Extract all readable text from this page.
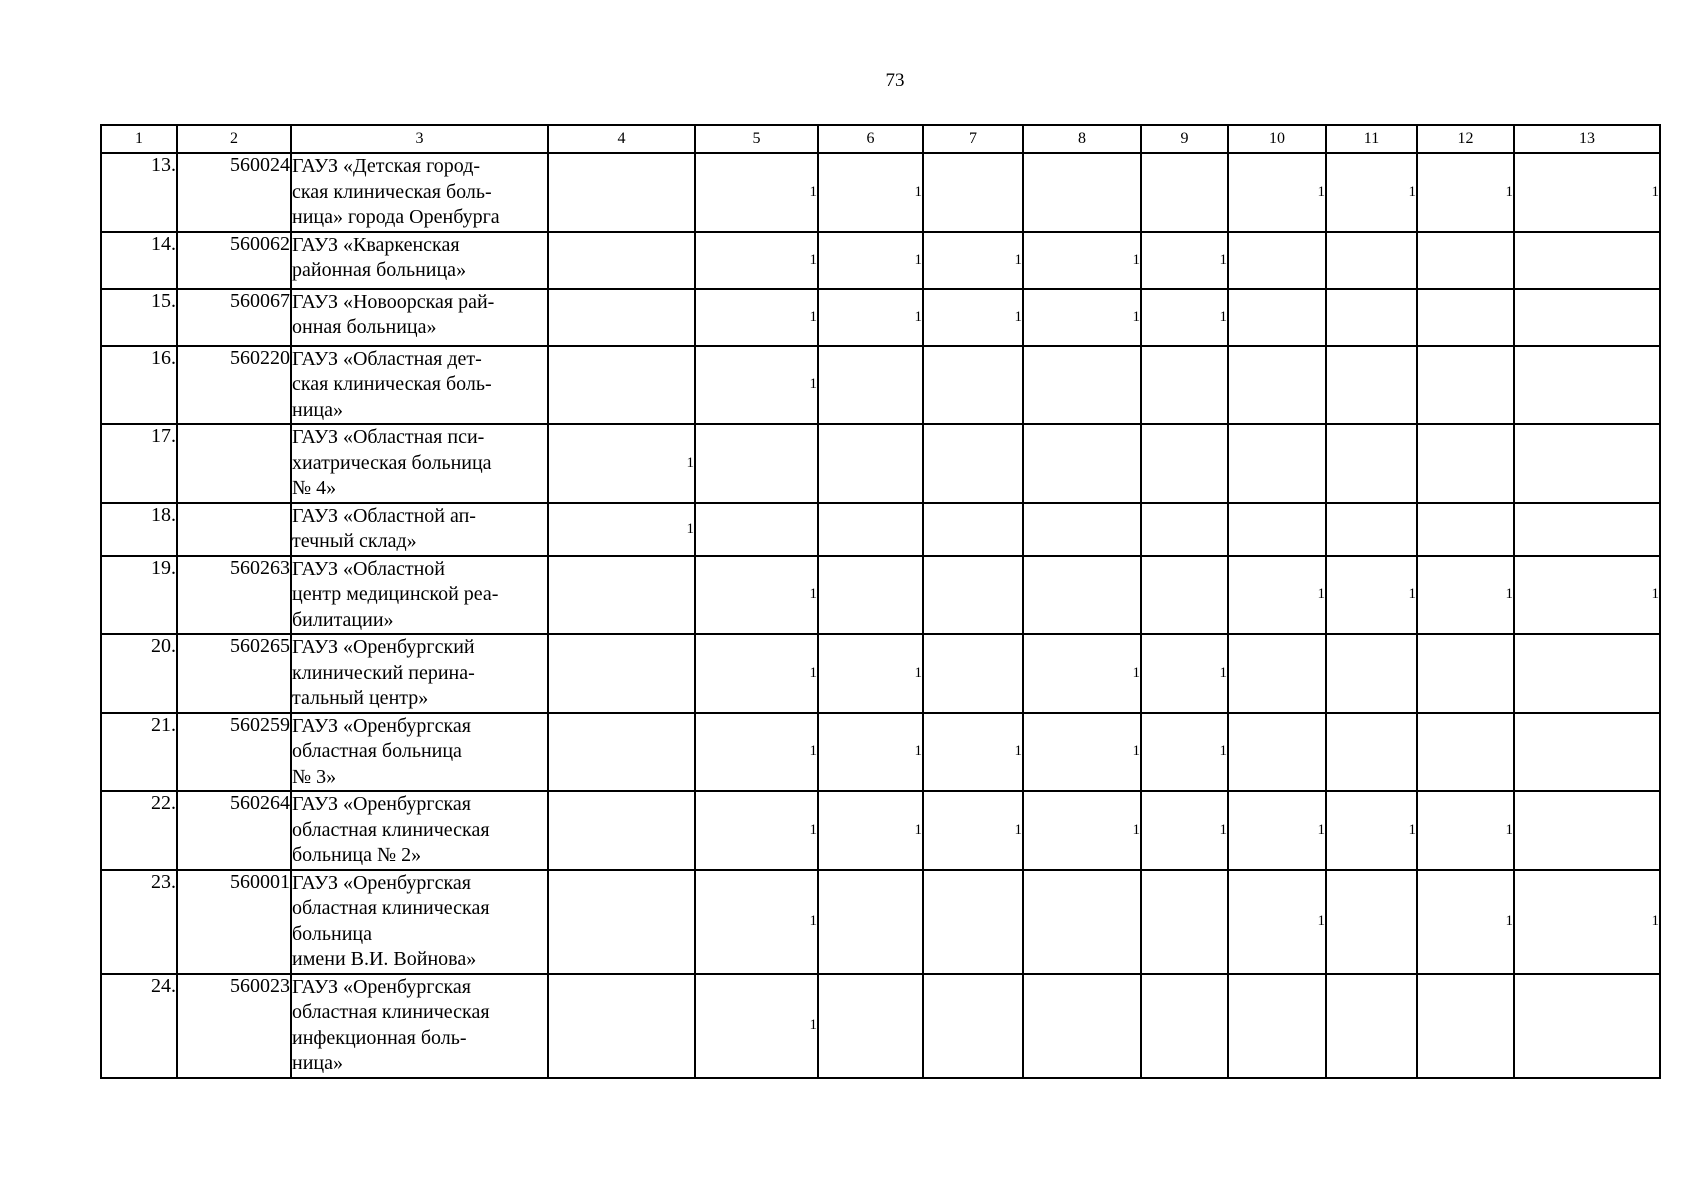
73
1	2	3	4	5	6	7	8	9	10	11	12	13
13.	560024	ГАУЗ «Детская город-
ская клиническая боль-
ница» города Оренбурга		1	1				1	1	1	1
14.	560062	ГАУЗ «Кваркенская
районная больница»		1	1	1	1	1				
15.	560067	ГАУЗ «Новоорская рай-
онная больница»		1	1	1	1	1				
16.	560220	ГАУЗ «Областная дет-
ская клиническая боль-
ница»		1								
17.		ГАУЗ «Областная пси-
хиатрическая больница
№ 4»	1									
18.		ГАУЗ «Областной ап-
течный склад»	1									
19.	560263	ГАУЗ «Областной
центр медицинской реа-
билитации»		1					1	1	1	1
20.	560265	ГАУЗ «Оренбургский
клинический перина-
тальный центр»		1	1		1	1				
21.	560259	ГАУЗ «Оренбургская
областная больница
№ 3»		1	1	1	1	1				
22.	560264	ГАУЗ «Оренбургская
областная клиническая
больница № 2»		1	1	1	1	1	1	1	1	
23.	560001	ГАУЗ «Оренбургская
областная клиническая
больница
имени В.И. Войнова»		1					1		1	1
24.	560023	ГАУЗ «Оренбургская
областная клиническая
инфекционная боль-
ница»		1								
